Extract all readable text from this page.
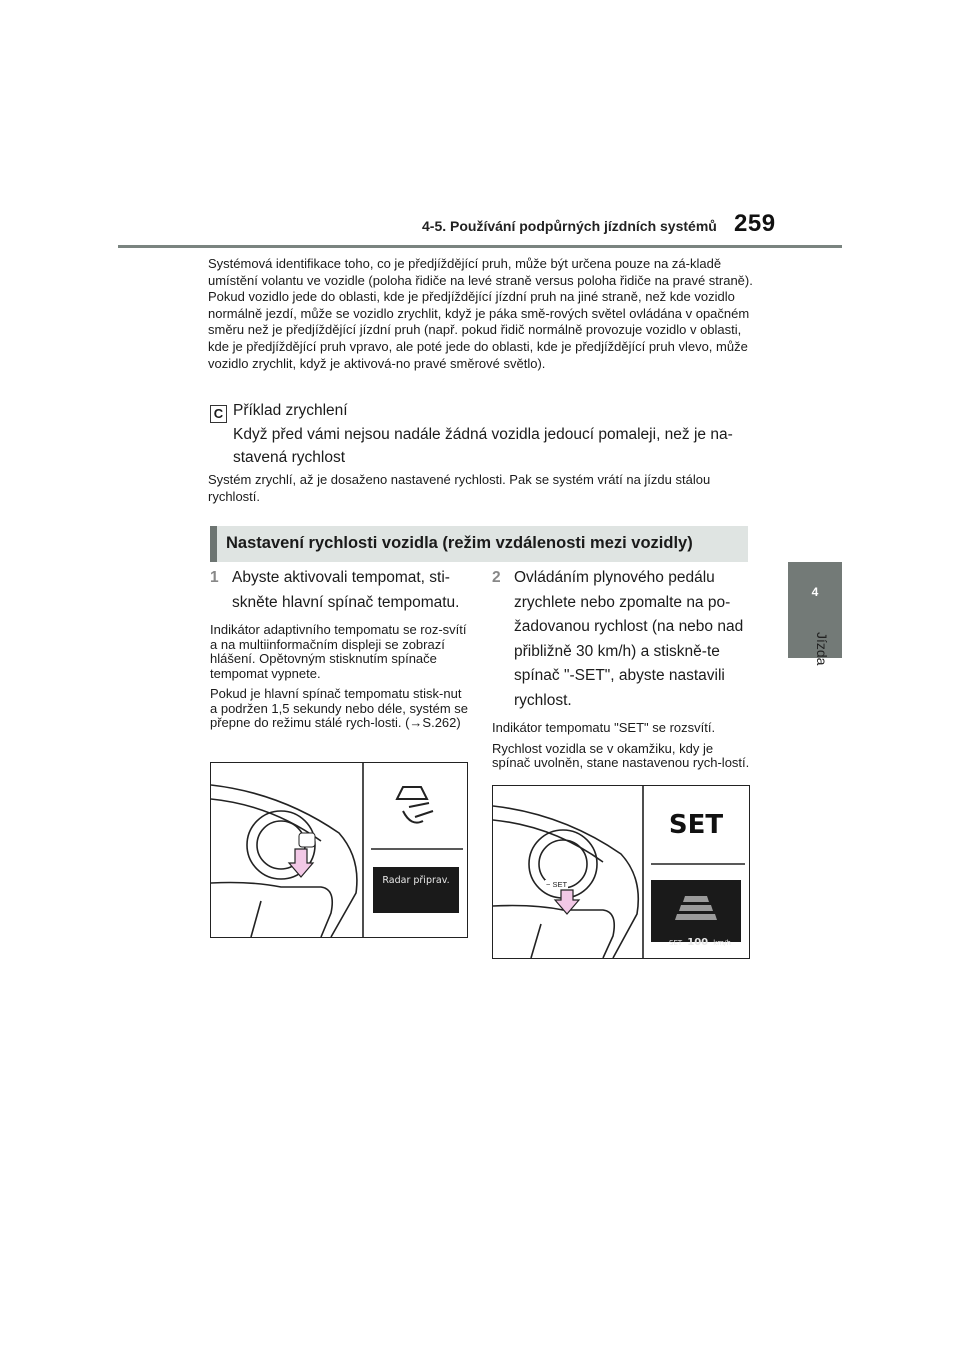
4-5. Používání podpůrných jízdních systémů 259
4
Jízda

Systémová identifikace toho, co je předjíždějící pruh, může být určena pouze na zá-kladě umístění volantu ve vozidle (poloha řidiče na levé straně versus poloha řidiče na pravé straně). Pokud vozidlo jede do oblasti, kde je předjíždějící jízdní pruh na jiné straně, než kde vozidlo normálně jezdí, může se vozidlo zrychlit, když je páka smě-rových světel ovládána v opačném směru než je předjíždějící jízdní pruh (např. pokud řidič normálně provozuje vozidlo v oblasti, kde je předjíždějící pruh vpravo, ale poté jede do oblasti, kde je předjíždějící pruh vlevo, může vozidlo zrychlit, když je aktivová-no pravé směrové světlo).

C Příklad zrychlení
Když před vámi nejsou nadále žádná vozidla jedoucí pomaleji, než je na-stavená rychlost

Systém zrychlí, až je dosaženo nastavené rychlosti. Pak se systém vrátí na jízdu stálou rychlostí.

Nastavení rychlosti vozidla (režim vzdálenosti mezi vozidly)
1 Abyste aktivovali tempomat, sti-skněte hlavní spínač tempomatu.

Indikátor adaptivního tempomatu se roz-svítí a na multiinformačním displeji se zobrazí hlášení. Opětovným stisknutím spínače tempomat vypnete.

Pokud je hlavní spínač tempomatu stisk-nut a podržen 1,5 sekundy nebo déle, systém se přepne do režimu stálé rych-losti. (→S.262)

2 Ovládáním plynového pedálu zrychlete nebo zpomalte na po-žadovanou rychlost (na nebo nad přibližně 30 km/h) a stiskně-te spínač "-SET", abyste nastavili rychlost.

Indikátor tempomatu "SET" se rozsvítí.

Rychlost vozidla se v okamžiku, kdy je spínač uvolněn, stane nastavenou rych-lostí.

Radar připrav.
SET
− SET
SET 100 km/h
